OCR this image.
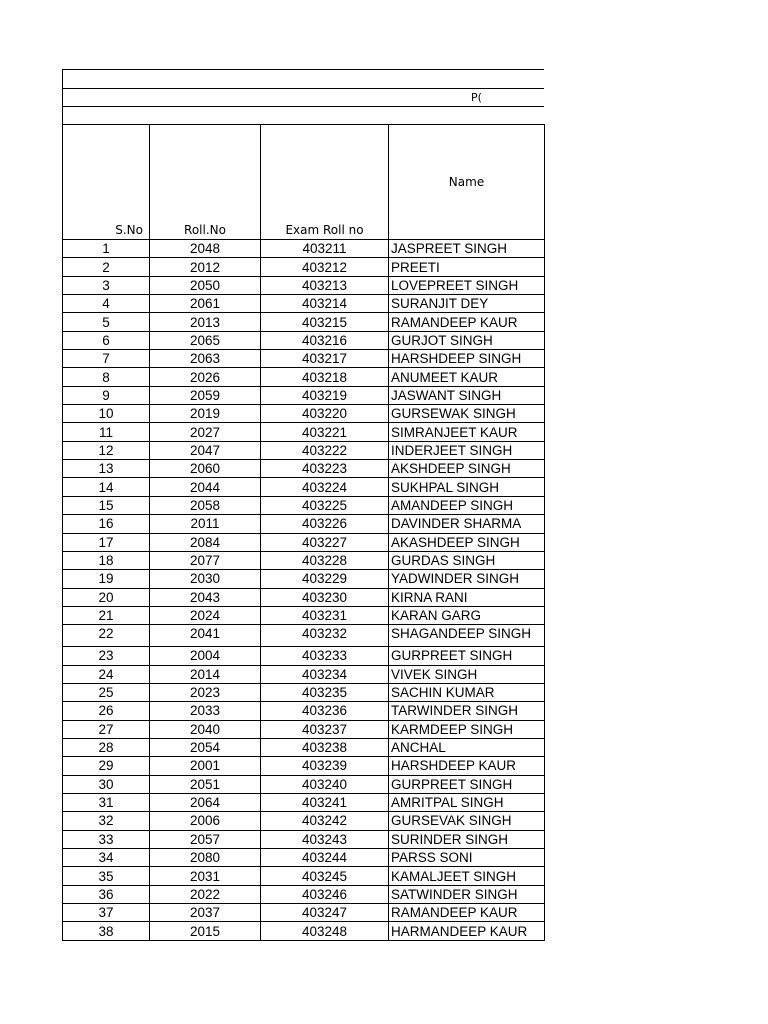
P(
S.No	Roll.No	Exam Roll no	Name
1	2048	403211	JASPREET SINGH
2	2012	403212	PREETI
3	2050	403213	LOVEPREET SINGH
4	2061	403214	SURANJIT DEY
5	2013	403215	RAMANDEEP KAUR
6	2065	403216	GURJOT SINGH
7	2063	403217	HARSHDEEP SINGH
8	2026	403218	ANUMEET KAUR
9	2059	403219	JASWANT SINGH
10	2019	403220	GURSEWAK SINGH
11	2027	403221	SIMRANJEET KAUR
12	2047	403222	INDERJEET SINGH
13	2060	403223	AKSHDEEP SINGH
14	2044	403224	SUKHPAL SINGH
15	2058	403225	AMANDEEP SINGH
16	2011	403226	DAVINDER SHARMA
17	2084	403227	AKASHDEEP SINGH
18	2077	403228	GURDAS SINGH
19	2030	403229	YADWINDER SINGH
20	2043	403230	KIRNA RANI
21	2024	403231	KARAN GARG
22	2041	403232	SHAGANDEEP SINGH
23	2004	403233	GURPREET SINGH
24	2014	403234	VIVEK SINGH
25	2023	403235	SACHIN KUMAR
26	2033	403236	TARWINDER SINGH
27	2040	403237	KARMDEEP SINGH
28	2054	403238	ANCHAL
29	2001	403239	HARSHDEEP KAUR
30	2051	403240	GURPREET SINGH
31	2064	403241	AMRITPAL SINGH
32	2006	403242	GURSEVAK SINGH
33	2057	403243	SURINDER SINGH
34	2080	403244	PARSS SONI
35	2031	403245	KAMALJEET SINGH
36	2022	403246	SATWINDER SINGH
37	2037	403247	RAMANDEEP KAUR
38	2015	403248	HARMANDEEP KAUR
